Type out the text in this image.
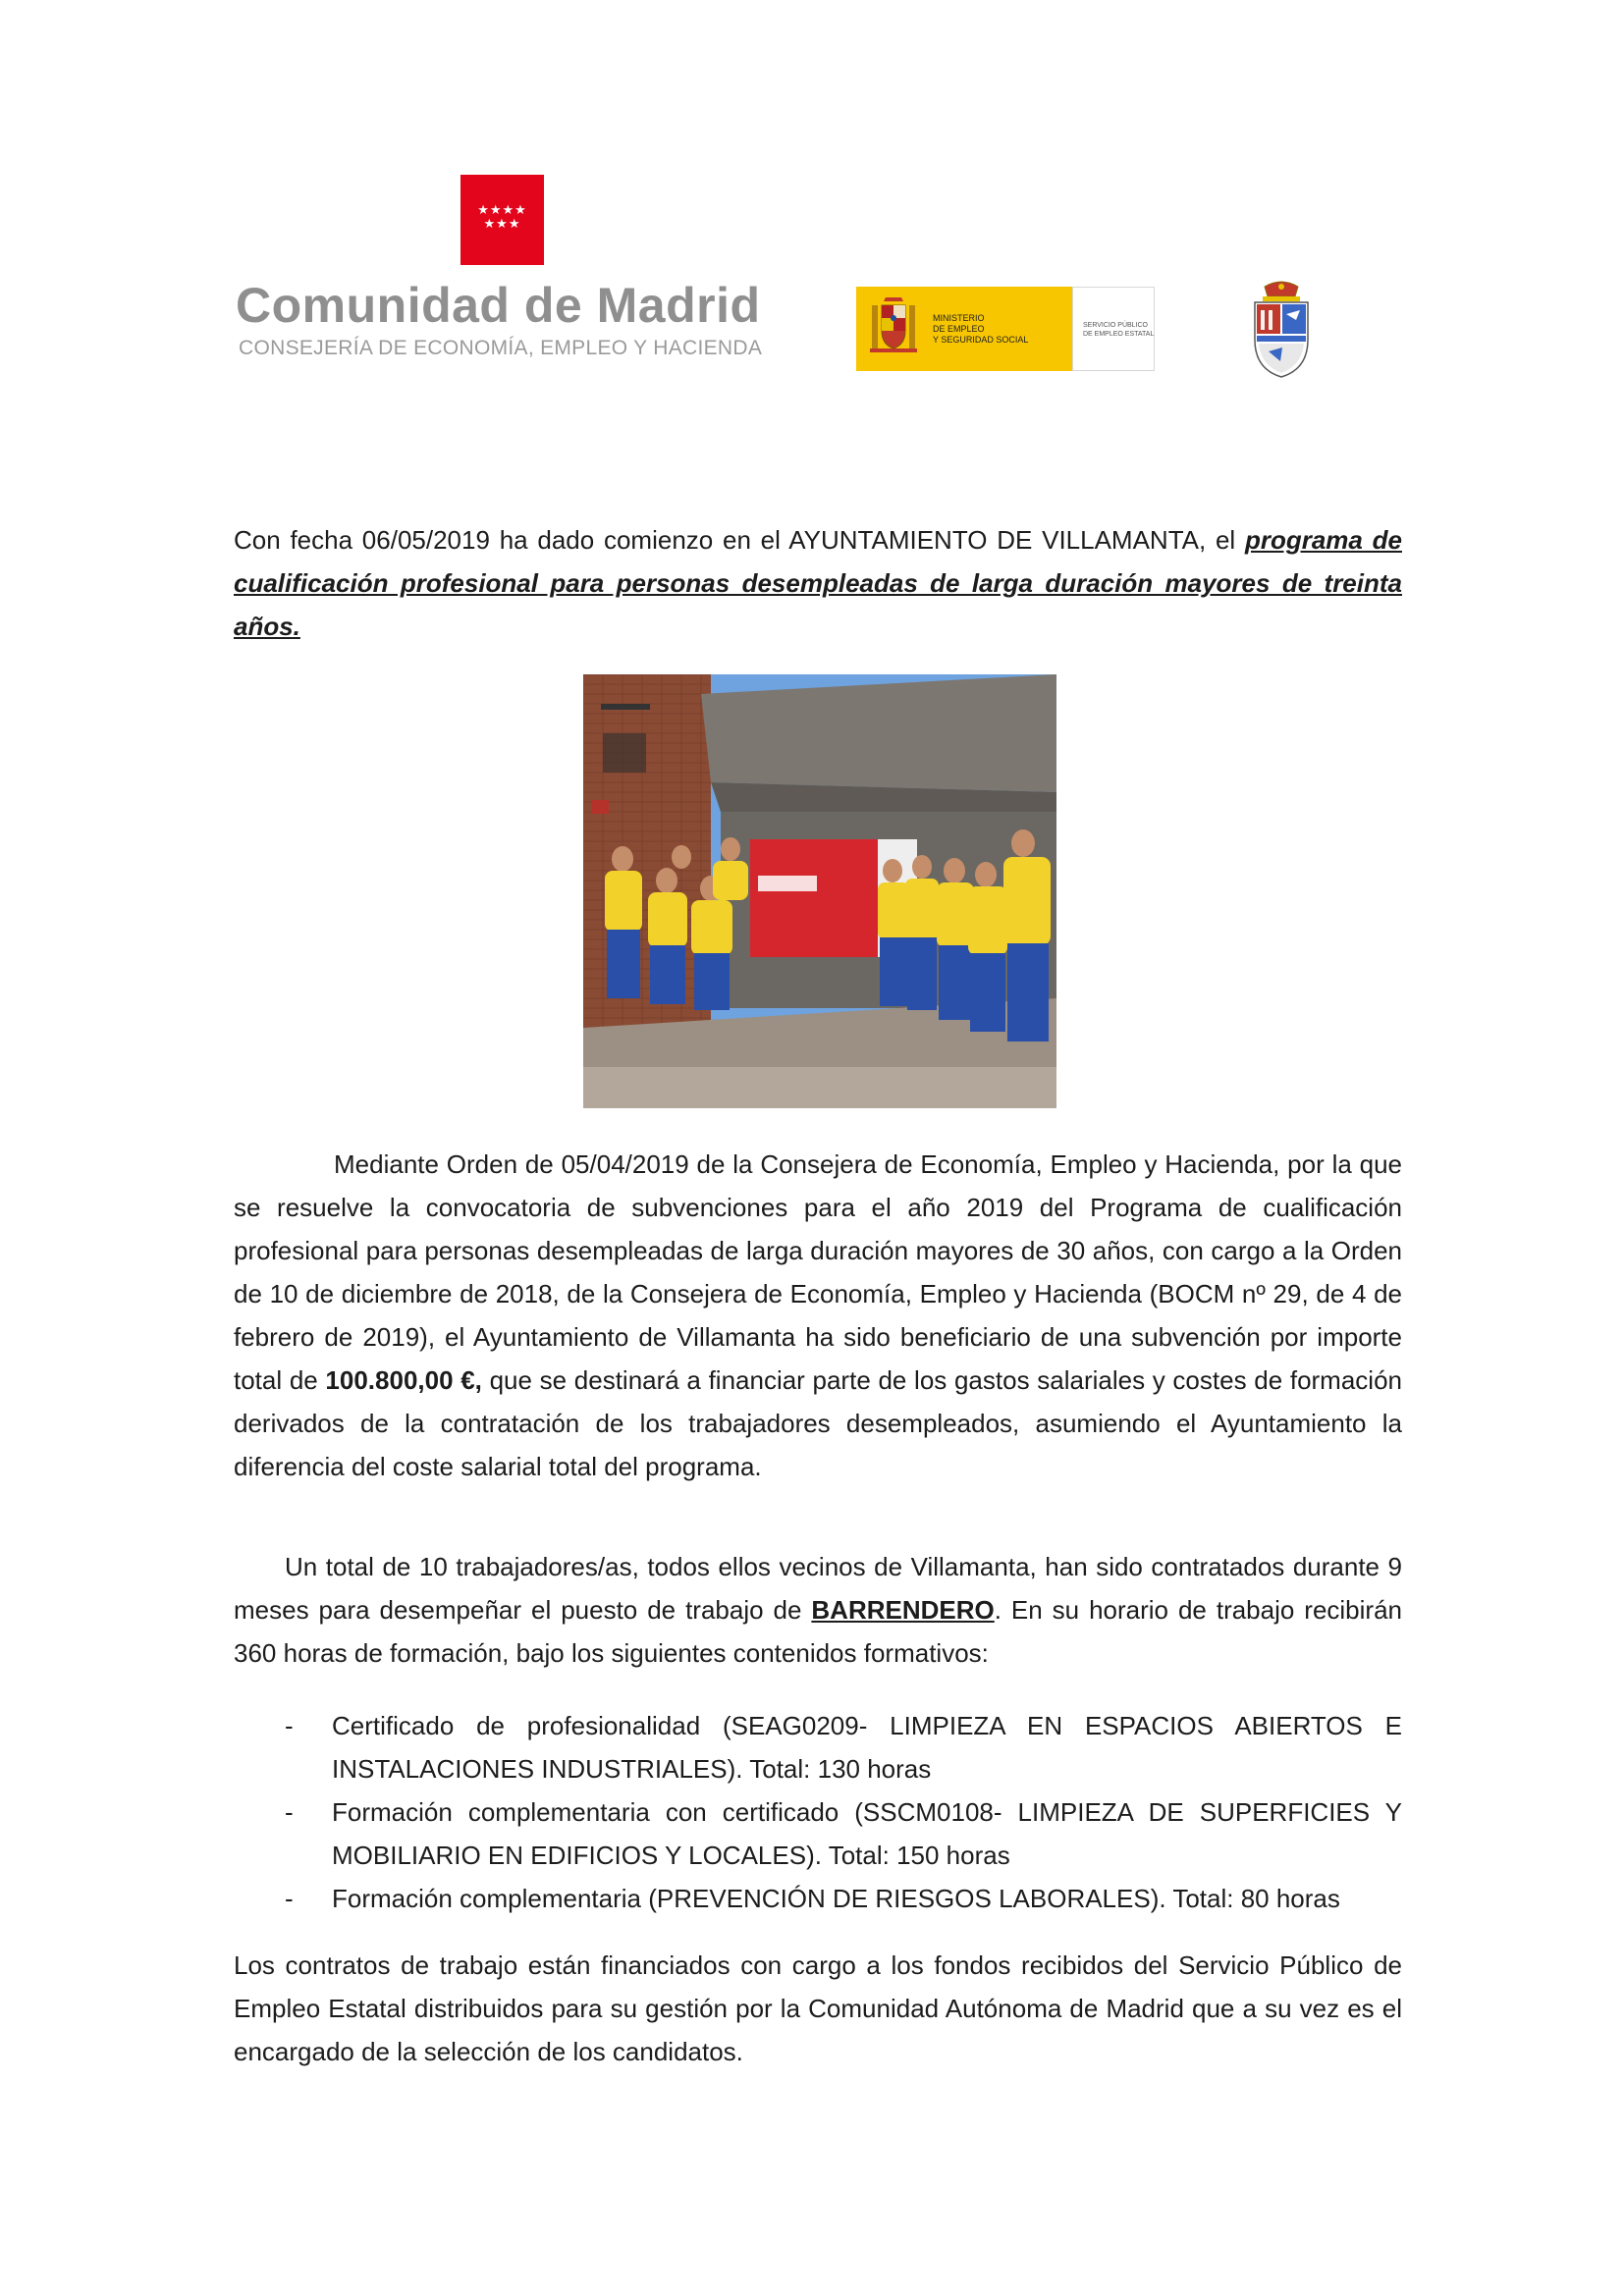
★★★★
★★★
Comunidad de Madrid
CONSEJERÍA DE ECONOMÍA, EMPLEO Y HACIENDA
MINISTERIO
DE EMPLEO
Y SEGURIDAD SOCIAL
SERVICIO PÚBLICO
DE EMPLEO ESTATAL
Con fecha 06/05/2019 ha dado comienzo en el AYUNTAMIENTO DE VILLAMANTA, el programa de cualificación profesional para personas desempleadas de larga duración mayores de treinta años.
Mediante Orden de 05/04/2019 de la Consejera de Economía, Empleo y Hacienda, por la que se resuelve la convocatoria de subvenciones para el año 2019 del Programa de cualificación profesional para personas desempleadas de larga duración mayores de 30 años, con cargo a la Orden de 10 de diciembre de 2018, de la Consejera de Economía, Empleo y Hacienda (BOCM nº 29, de 4 de febrero de 2019), el Ayuntamiento de Villamanta ha sido beneficiario de una subvención por importe total de 100.800,00 €, que se destinará a financiar parte de los gastos salariales y costes de formación derivados de la contratación de los trabajadores desempleados, asumiendo el Ayuntamiento la diferencia del coste salarial total del programa.
Un total de 10 trabajadores/as, todos ellos vecinos de Villamanta, han sido contratados durante 9 meses para desempeñar el puesto de trabajo de BARRENDERO. En su horario de trabajo recibirán 360 horas de formación, bajo los siguientes contenidos formativos:
- Certificado de profesionalidad (SEAG0209- LIMPIEZA EN ESPACIOS ABIERTOS E INSTALACIONES INDUSTRIALES). Total: 130 horas
- Formación complementaria con certificado (SSCM0108- LIMPIEZA DE SUPERFICIES Y MOBILIARIO EN EDIFICIOS Y LOCALES). Total: 150 horas
- Formación complementaria (PREVENCIÓN DE RIESGOS LABORALES). Total: 80 horas
Los contratos de trabajo están financiados con cargo a los fondos recibidos del Servicio Público de Empleo Estatal distribuidos para su gestión por la Comunidad Autónoma de Madrid que a su vez es el encargado de la selección de los candidatos.
